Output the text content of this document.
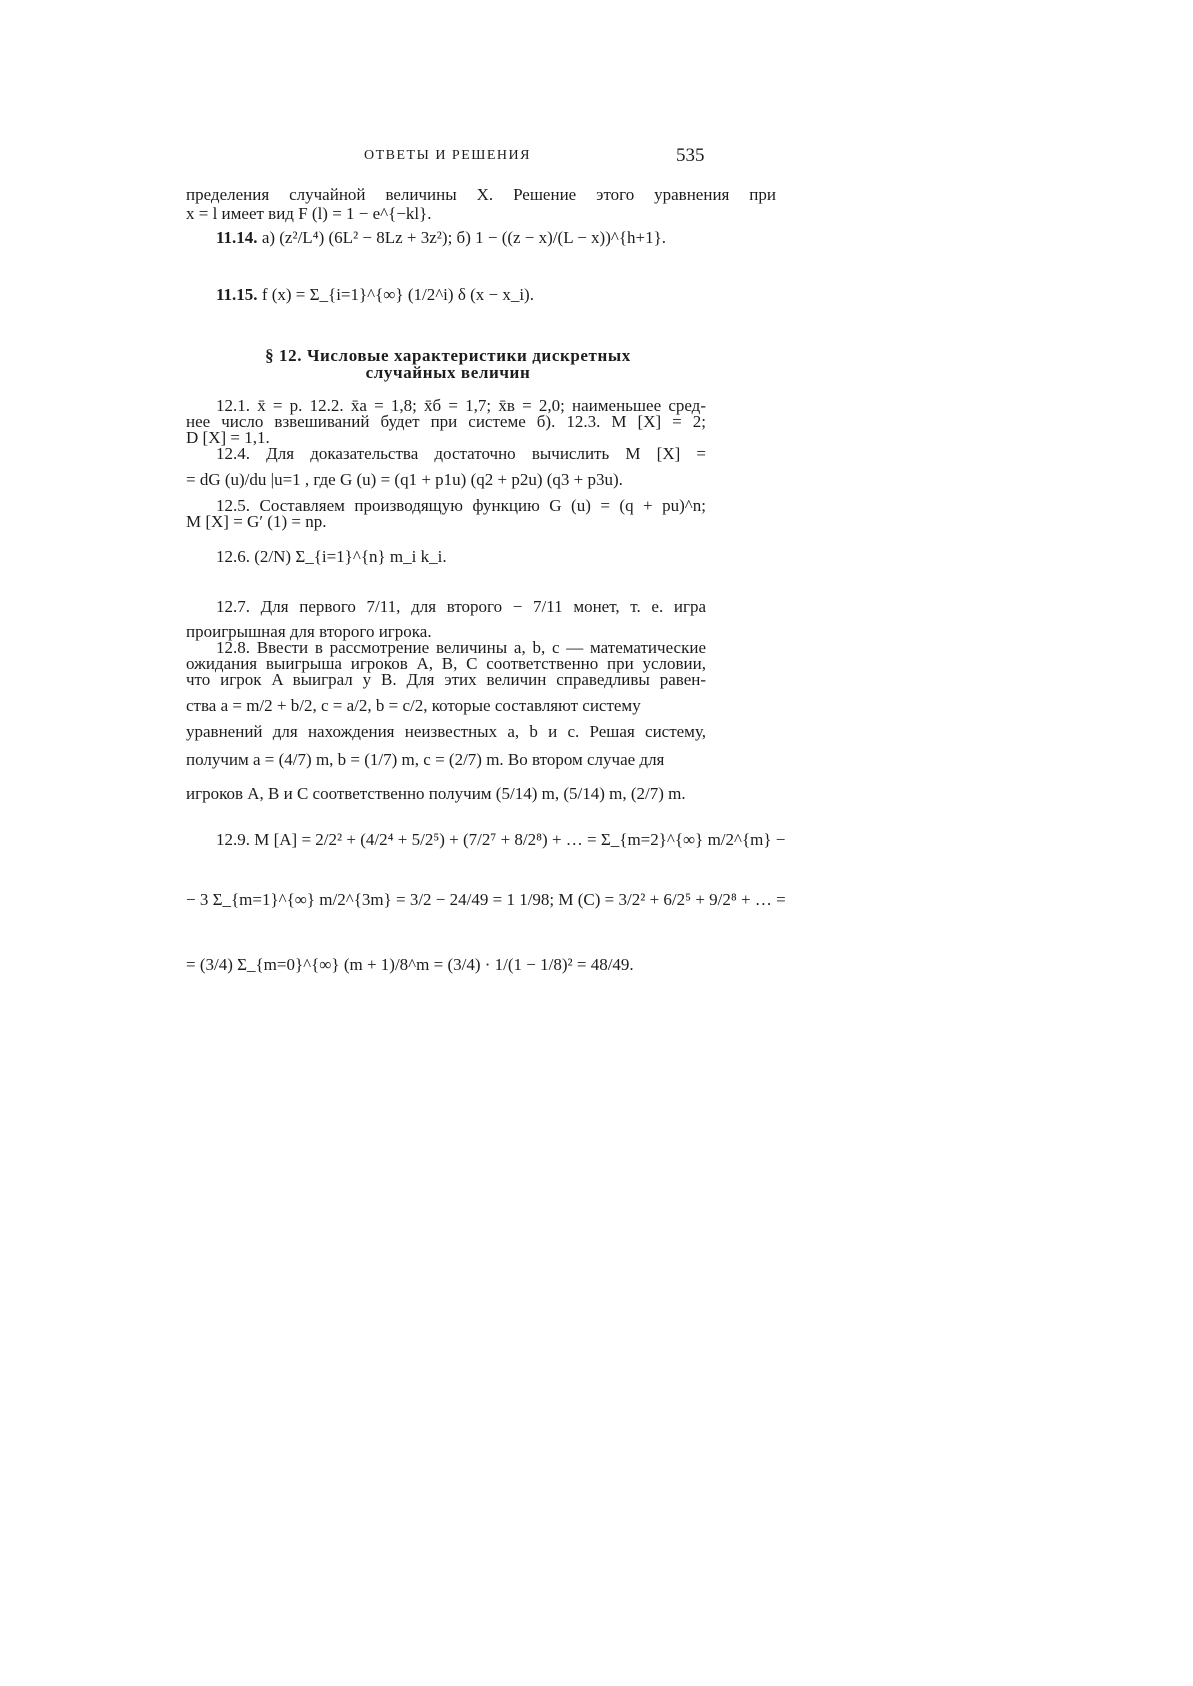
ОТВЕТЫ И РЕШЕНИЯ	535
пределения случайной величины X. Решение этого уравнения при
x = l имеет вид F (l) = 1 − e^{−kl}.
11.14. а) (z²/L⁴) (6L² − 8Lz + 3z²); б) 1 − ((z − x)/(L − x))^{h+1}.
11.15. f (x) = Σ_{i=1}^{∞} (1/2^i) δ (x − x_i).
§ 12. Числовые характеристики дискретных
случайных величин
12.1. x̄ = p. 12.2. x̄a = 1,8; x̄б = 1,7; x̄в = 2,0; наименьшее сред-
нее число взвешиваний будет при системе б). 12.3. M [X] = 2;
D [X] = 1,1.
12.4. Для доказательства достаточно вычислить M [X] =
= dG (u)/du |u=1 , где G (u) = (q1 + p1u) (q2 + p2u) (q3 + p3u).
12.5. Составляем производящую функцию G (u) = (q + pu)^n;
M [X] = G′ (1) = np.
12.6. (2/N) Σ_{i=1}^{n} m_i k_i.
12.7. Для первого 7/11, для второго − 7/11 монет, т. е. игра
проигрышная для второго игрока.
12.8. Ввести в рассмотрение величины a, b, c — математические
ожидания выигрыша игроков A, B, C соответственно при условии,
что игрок A выиграл у B. Для этих величин справедливы равен-
ства a = m/2 + b/2, c = a/2, b = c/2, которые составляют систему
уравнений для нахождения неизвестных a, b и c. Решая систему,
получим a = (4/7) m, b = (1/7) m, c = (2/7) m. Во втором случае для
игроков A, B и C соответственно получим (5/14) m, (5/14) m, (2/7) m.
12.9. M [A] = 2/2² + (4/2⁴ + 5/2⁵) + (7/2⁷ + 8/2⁸) + … = Σ_{m=2}^{∞} m/2^{m} −
− 3 Σ_{m=1}^{∞} m/2^{3m} = 3/2 − 24/49 = 1 1/98; M (C) = 3/2² + 6/2⁵ + 9/2⁸ + … =
= (3/4) Σ_{m=0}^{∞} (m + 1)/8^m = (3/4) · 1/(1 − 1/8)² = 48/49.
